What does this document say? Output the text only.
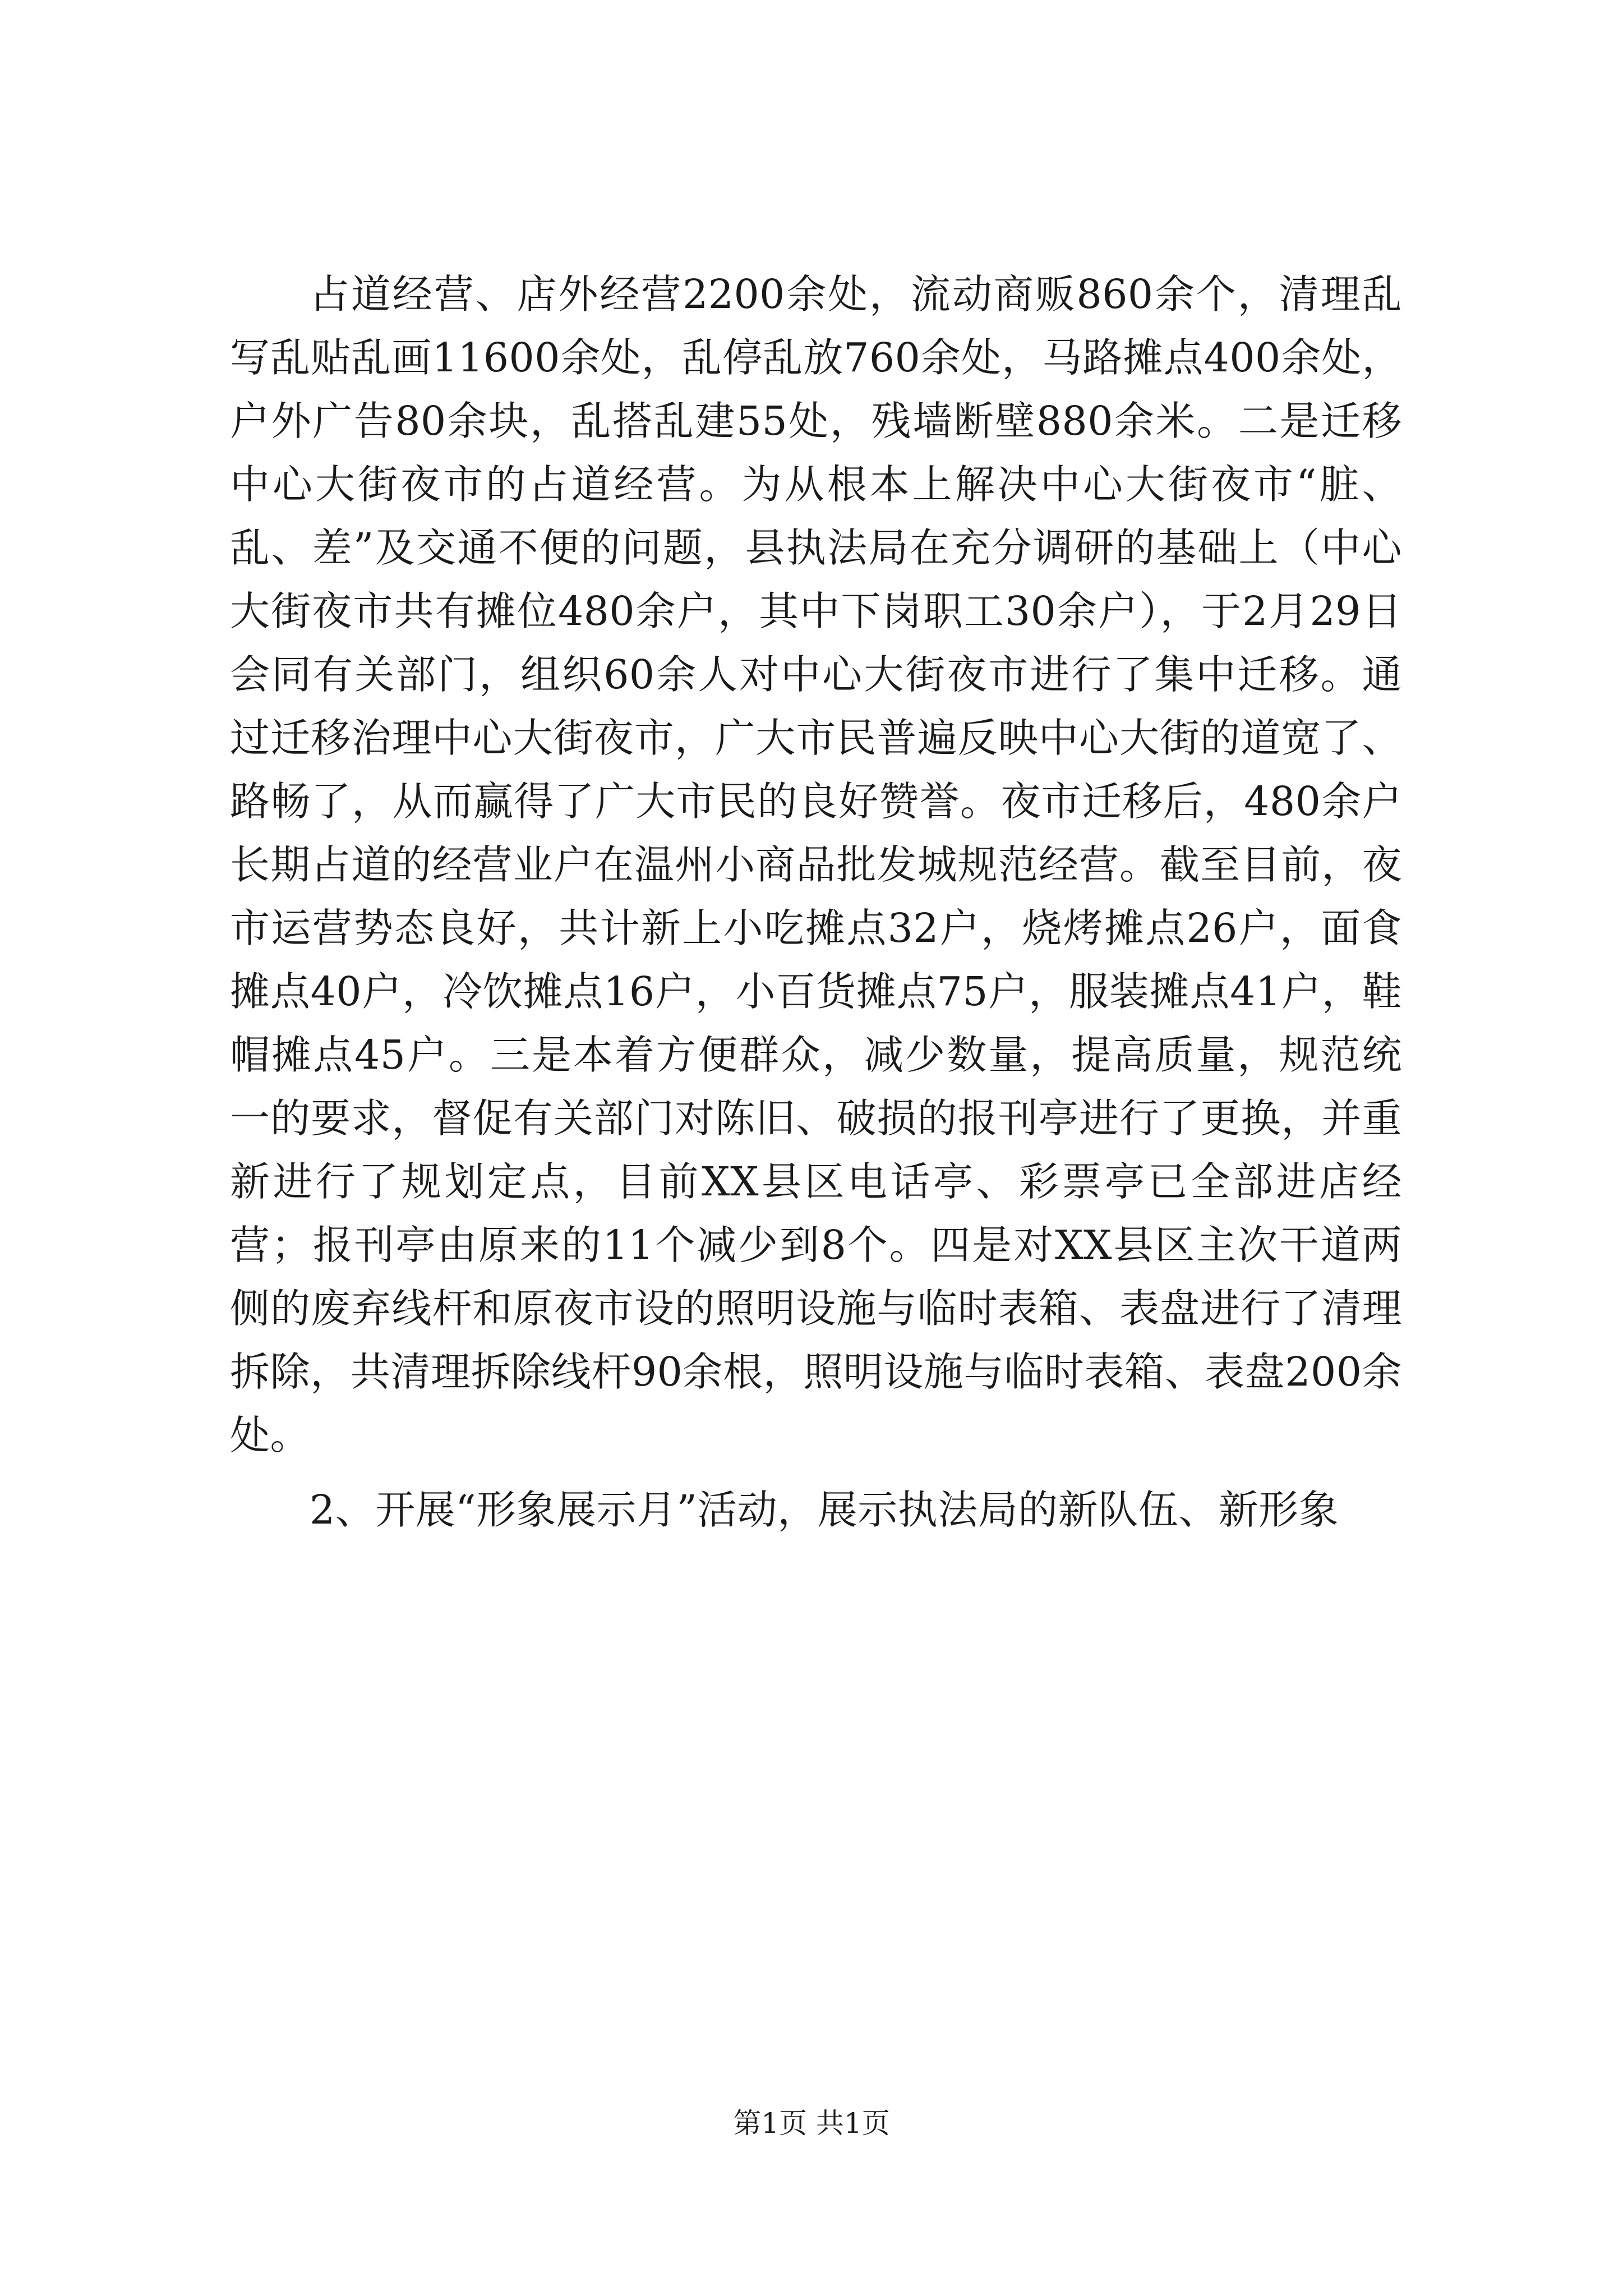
占道经营、店外经营2200余处，流动商贩860余个，清理乱写乱贴乱画11600余处，乱停乱放760余处，马路摊点400余处，户外广告80余块，乱搭乱建55处，残墙断壁880余米。二是迁移中心大街夜市的占道经营。为从根本上解决中心大街夜市“脏、乱、差”及交通不便的问题，县执法局在充分调研的基础上（中心大街夜市共有摊位480余户，其中下岗职工30余户），于2月29日会同有关部门，组织60余人对中心大街夜市进行了集中迁移。通过迁移治理中心大街夜市，广大市民普遍反映中心大街的道宽了、路畅了，从而赢得了广大市民的良好赞誉。夜市迁移后，480余户长期占道的经营业户在温州小商品批发城规范经营。截至目前，夜市运营势态良好，共计新上小吃摊点32户，烧烤摊点26户，面食摊点40户，冷饮摊点16户，小百货摊点75户，服装摊点41户，鞋帽摊点45户。三是本着方便群众，减少数量，提高质量，规范统一的要求，督促有关部门对陈旧、破损的报刊亭进行了更换，并重新进行了规划定点，目前XX县区电话亭、彩票亭已全部进店经营；报刊亭由原来的11个减少到8个。四是对XX县区主次干道两侧的废弃线杆和原夜市设的照明设施与临时表箱、表盘进行了清理拆除，共清理拆除线杆90余根，照明设施与临时表箱、表盘200余处。

2、开展“形象展示月”活动，展示执法局的新队伍、新形象

第1页 共1页
